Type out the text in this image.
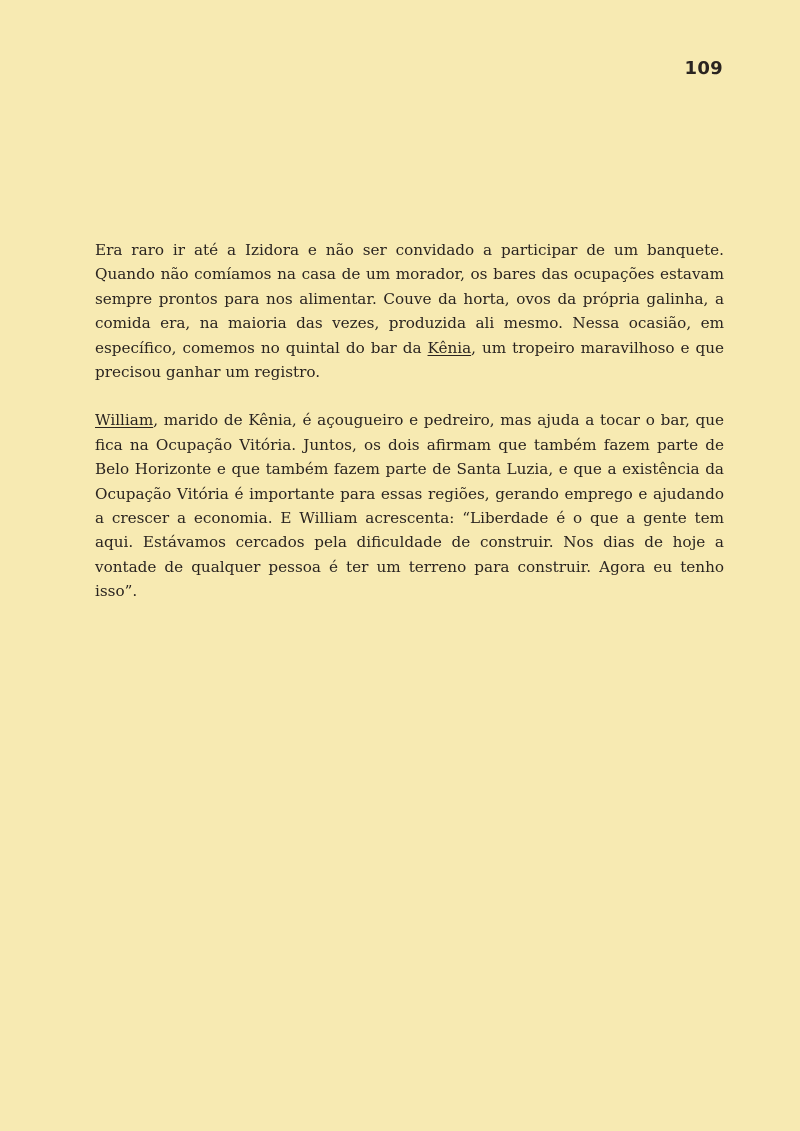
109

Era raro ir até a Izidora e não ser convidado a participar de um banquete. Quando não comíamos na casa de um morador, os bares das ocupações estavam sempre prontos para nos alimentar. Couve da horta, ovos da própria galinha, a comida era, na maioria das vezes, produzida ali mesmo. Nessa ocasião, em específico, comemos no quintal do bar da Kênia, um tropeiro maravilhoso e que precisou ganhar um registro.

William, marido de Kênia, é açougueiro e pedreiro, mas ajuda a tocar o bar, que fica na Ocupação Vitória. Juntos, os dois afirmam que também fazem parte de Belo Horizonte e que também fazem parte de Santa Luzia, e que a existência da Ocupação Vitória é importante para essas regiões, gerando emprego e ajudando a crescer a economia. E William acrescenta: “Liberdade é o que a gente tem aqui. Estávamos cercados pela dificuldade de construir. Nos dias de hoje a vontade de qualquer pessoa é ter um terreno para construir. Agora eu tenho isso”.
